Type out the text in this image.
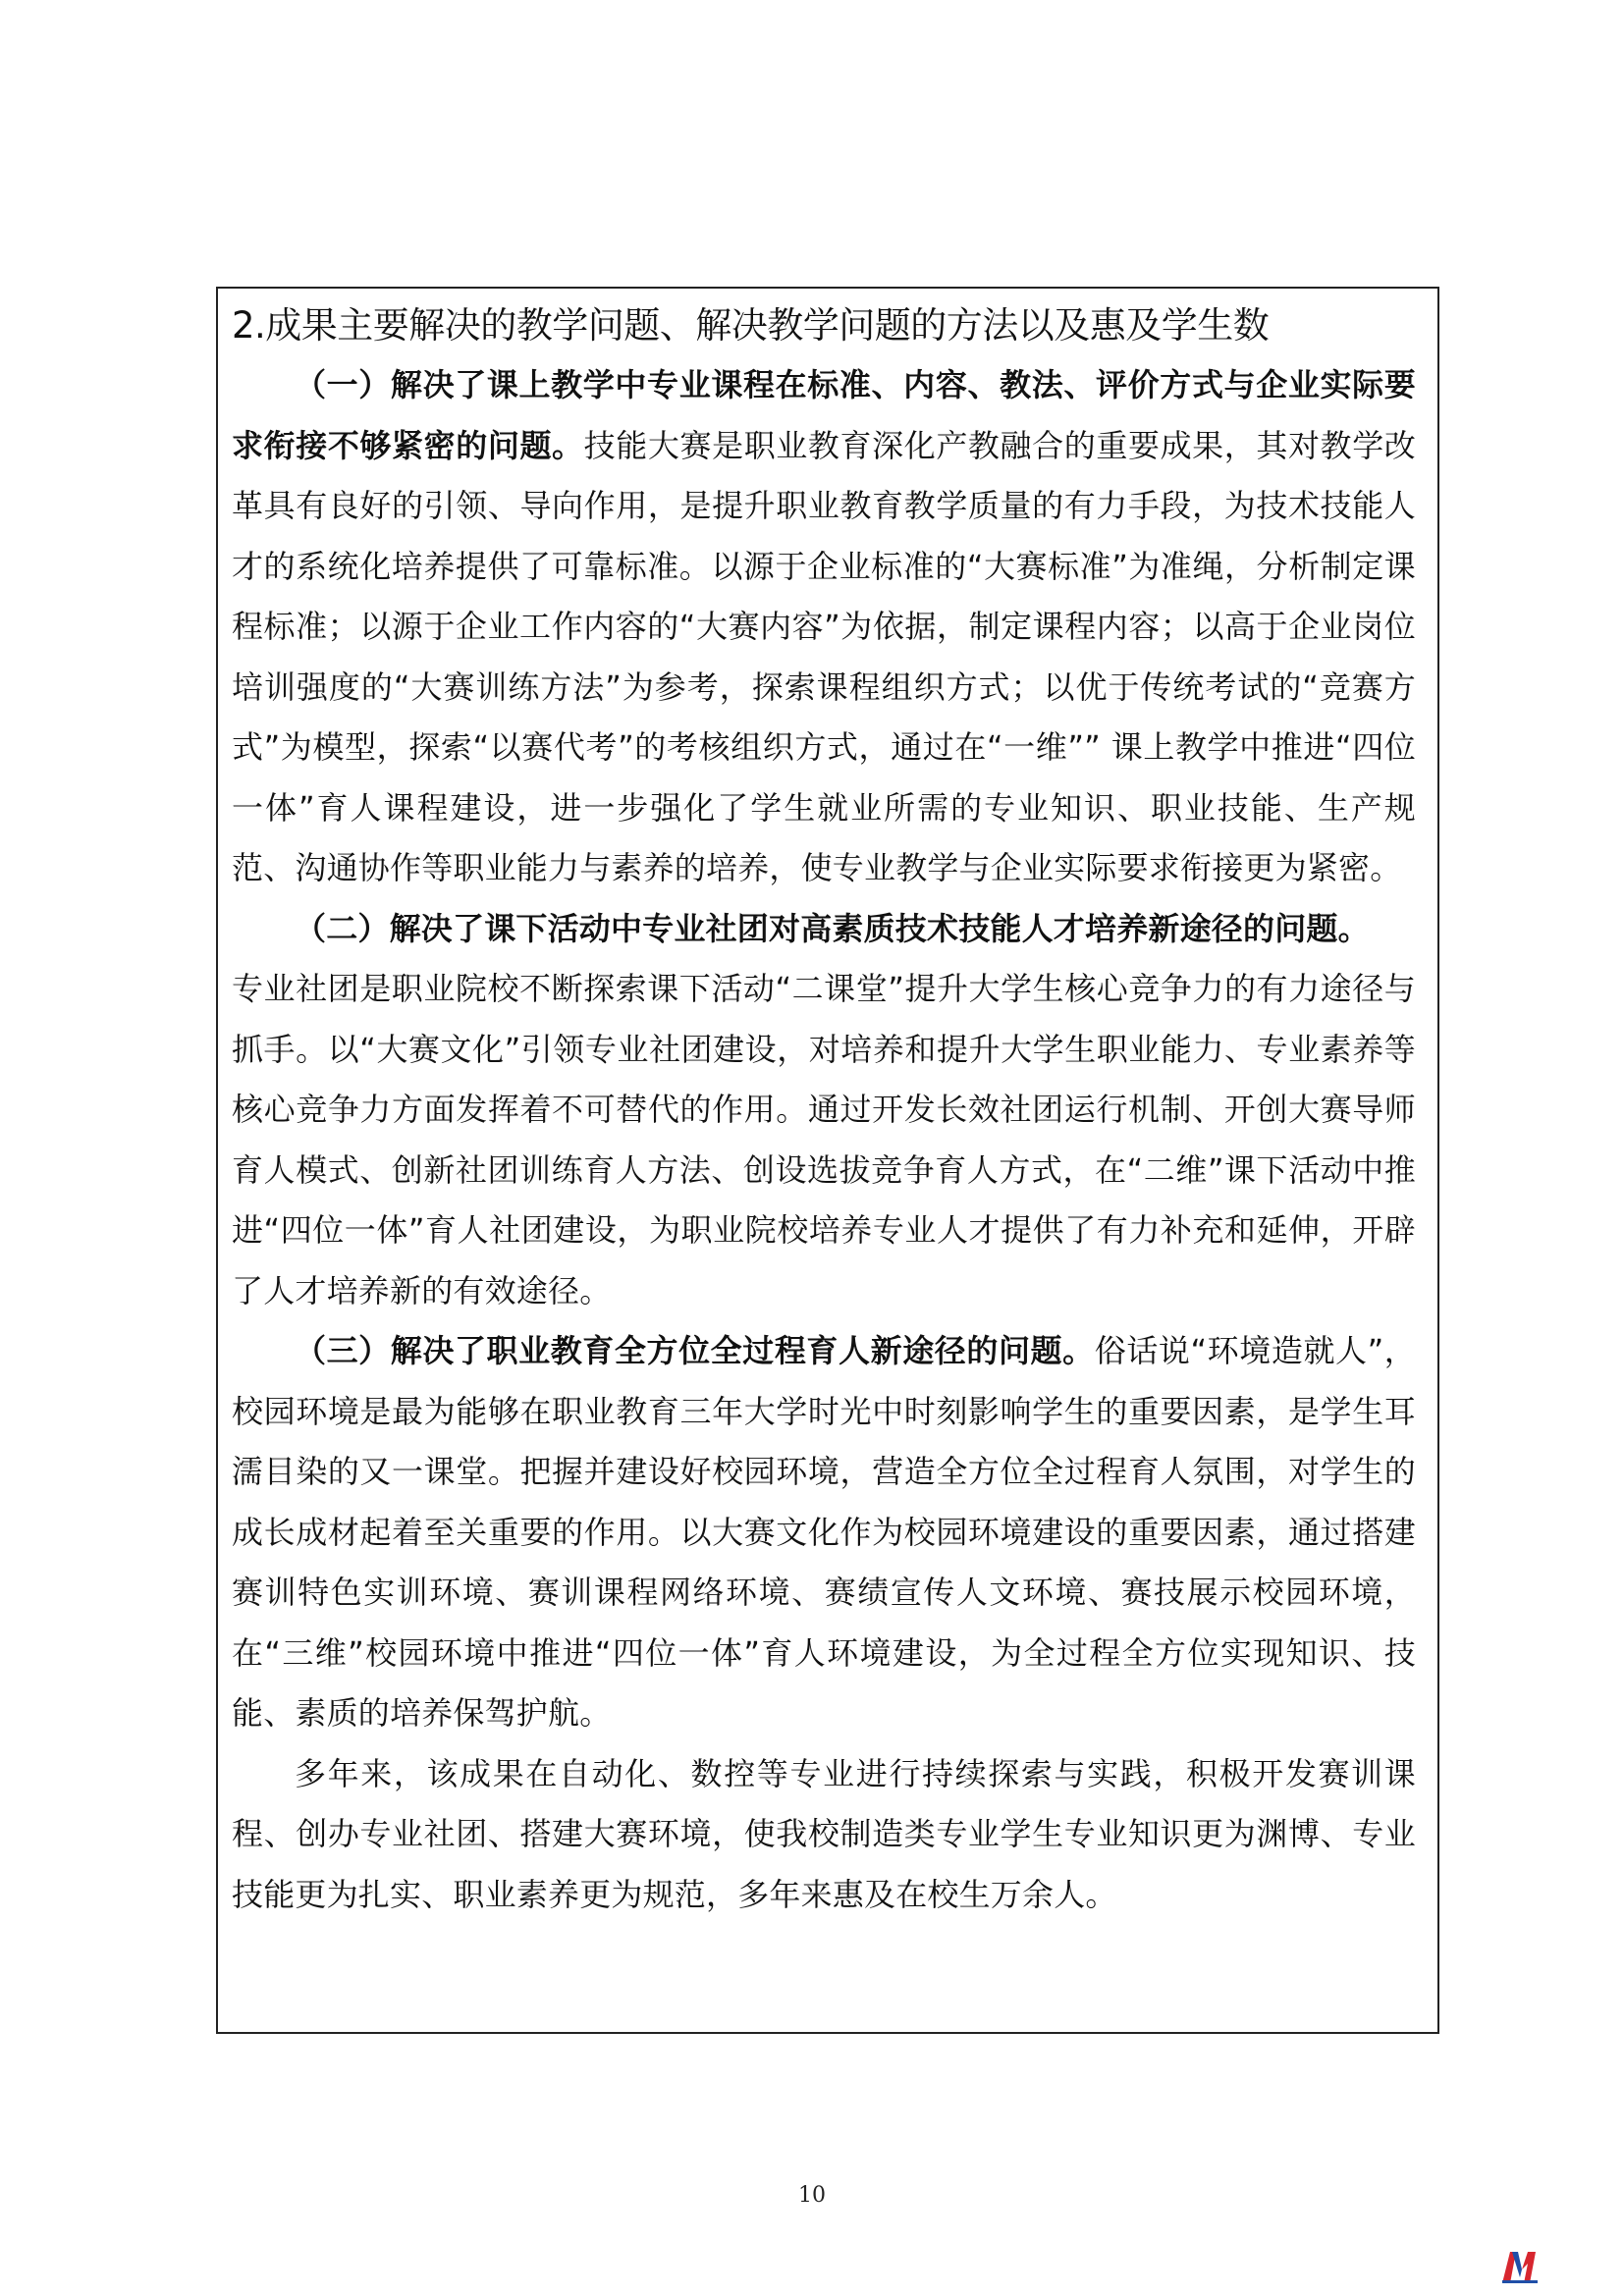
2.成果主要解决的教学问题、解决教学问题的方法以及惠及学生数

（一）解决了课上教学中专业课程在标准、内容、教法、评价方式与企业实际要求衔接不够紧密的问题。技能大赛是职业教育深化产教融合的重要成果，其对教学改革具有良好的引领、导向作用，是提升职业教育教学质量的有力手段，为技术技能人才的系统化培养提供了可靠标准。以源于企业标准的“大赛标准”为准绳，分析制定课程标准；以源于企业工作内容的“大赛内容”为依据，制定课程内容；以高于企业岗位培训强度的“大赛训练方法”为参考，探索课程组织方式；以优于传统考试的“竞赛方式”为模型，探索“以赛代考”的考核组织方式，通过在“一维”” 课上教学中推进“四位一体”育人课程建设，进一步强化了学生就业所需的专业知识、职业技能、生产规范、沟通协作等职业能力与素养的培养，使专业教学与企业实际要求衔接更为紧密。

（二）解决了课下活动中专业社团对高素质技术技能人才培养新途径的问题。

专业社团是职业院校不断探索课下活动“二课堂”提升大学生核心竞争力的有力途径与抓手。以“大赛文化”引领专业社团建设，对培养和提升大学生职业能力、专业素养等核心竞争力方面发挥着不可替代的作用。通过开发长效社团运行机制、开创大赛导师育人模式、创新社团训练育人方法、创设选拔竞争育人方式，在“二维”课下活动中推进“四位一体”育人社团建设，为职业院校培养专业人才提供了有力补充和延伸，开辟了人才培养新的有效途径。

（三）解决了职业教育全方位全过程育人新途径的问题。俗话说“环境造就人”，校园环境是最为能够在职业教育三年大学时光中时刻影响学生的重要因素，是学生耳濡目染的又一课堂。把握并建设好校园环境，营造全方位全过程育人氛围，对学生的成长成材起着至关重要的作用。以大赛文化作为校园环境建设的重要因素，通过搭建赛训特色实训环境、赛训课程网络环境、赛绩宣传人文环境、赛技展示校园环境，在“三维”校园环境中推进“四位一体”育人环境建设，为全过程全方位实现知识、技能、素质的培养保驾护航。

多年来，该成果在自动化、数控等专业进行持续探索与实践，积极开发赛训课程、创办专业社团、搭建大赛环境，使我校制造类专业学生专业知识更为渊博、专业技能更为扎实、职业素养更为规范，多年来惠及在校生万余人。

10
